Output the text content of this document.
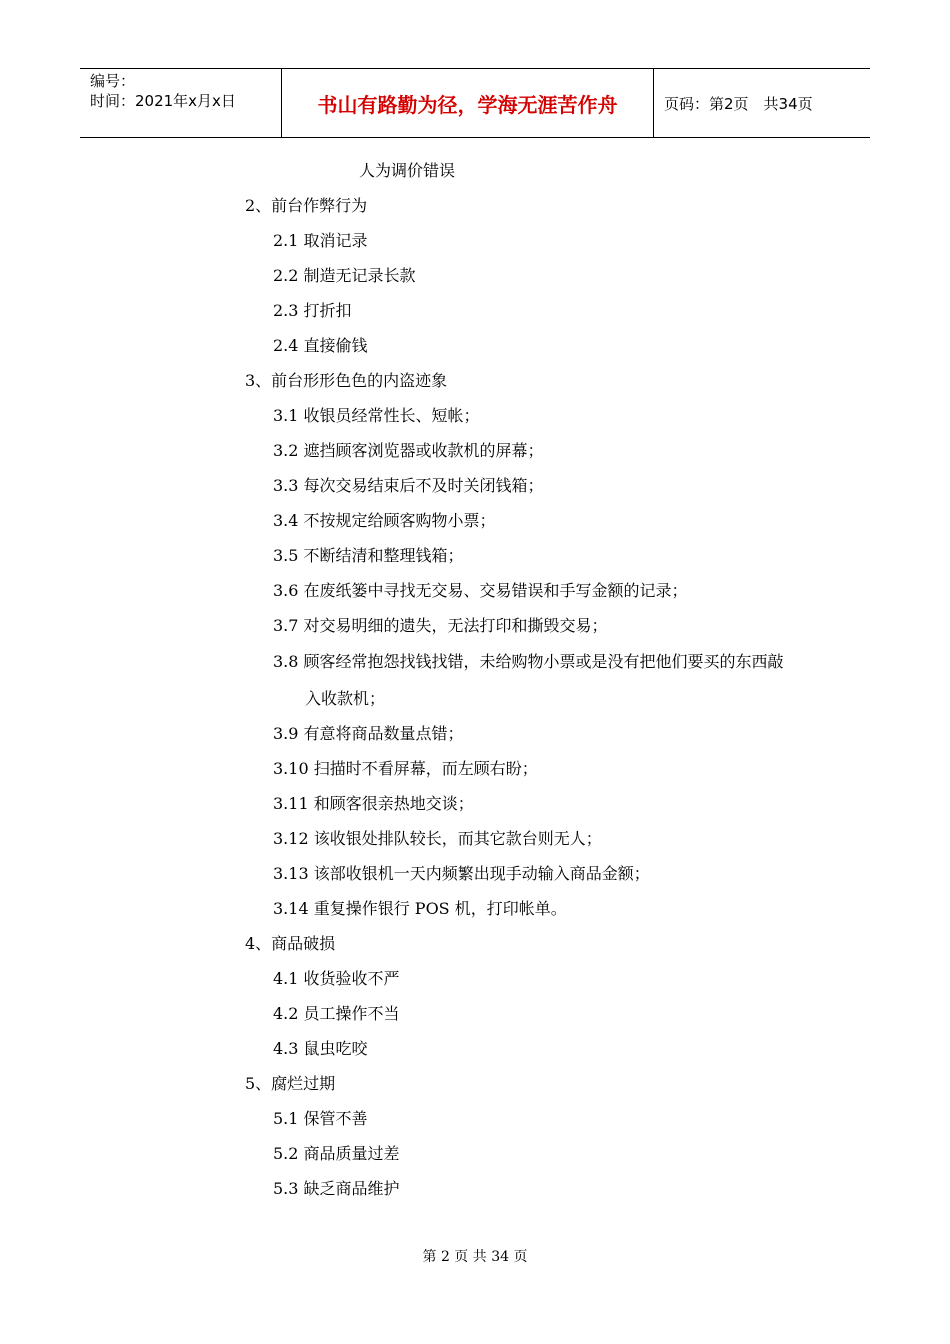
编号：
时间：2021年x月x日	书山有路勤为径，学海无涯苦作舟	页码：第2页　共34页
人为调价错误
2、前台作弊行为
2.1 取消记录
2.2 制造无记录长款
2.3 打折扣
2.4 直接偷钱
3、前台形形色色的内盗迹象
3.1 收银员经常性长、短帐；
3.2 遮挡顾客浏览器或收款机的屏幕；
3.3 每次交易结束后不及时关闭钱箱；
3.4 不按规定给顾客购物小票；
3.5 不断结清和整理钱箱；
3.6 在废纸篓中寻找无交易、交易错误和手写金额的记录；
3.7 对交易明细的遗失，无法打印和撕毁交易；
3.8 顾客经常抱怨找钱找错，未给购物小票或是没有把他们要买的东西敲
入收款机；
3.9 有意将商品数量点错；
3.10 扫描时不看屏幕，而左顾右盼；
3.11 和顾客很亲热地交谈；
3.12 该收银处排队较长，而其它款台则无人；
3.13 该部收银机一天内频繁出现手动输入商品金额；
3.14 重复操作银行 POS 机，打印帐单。
4、商品破损
4.1 收货验收不严
4.2 员工操作不当
4.3 鼠虫吃咬
5、腐烂过期
5.1 保管不善
5.2 商品质量过差
5.3 缺乏商品维护
第 2 页 共 34 页
